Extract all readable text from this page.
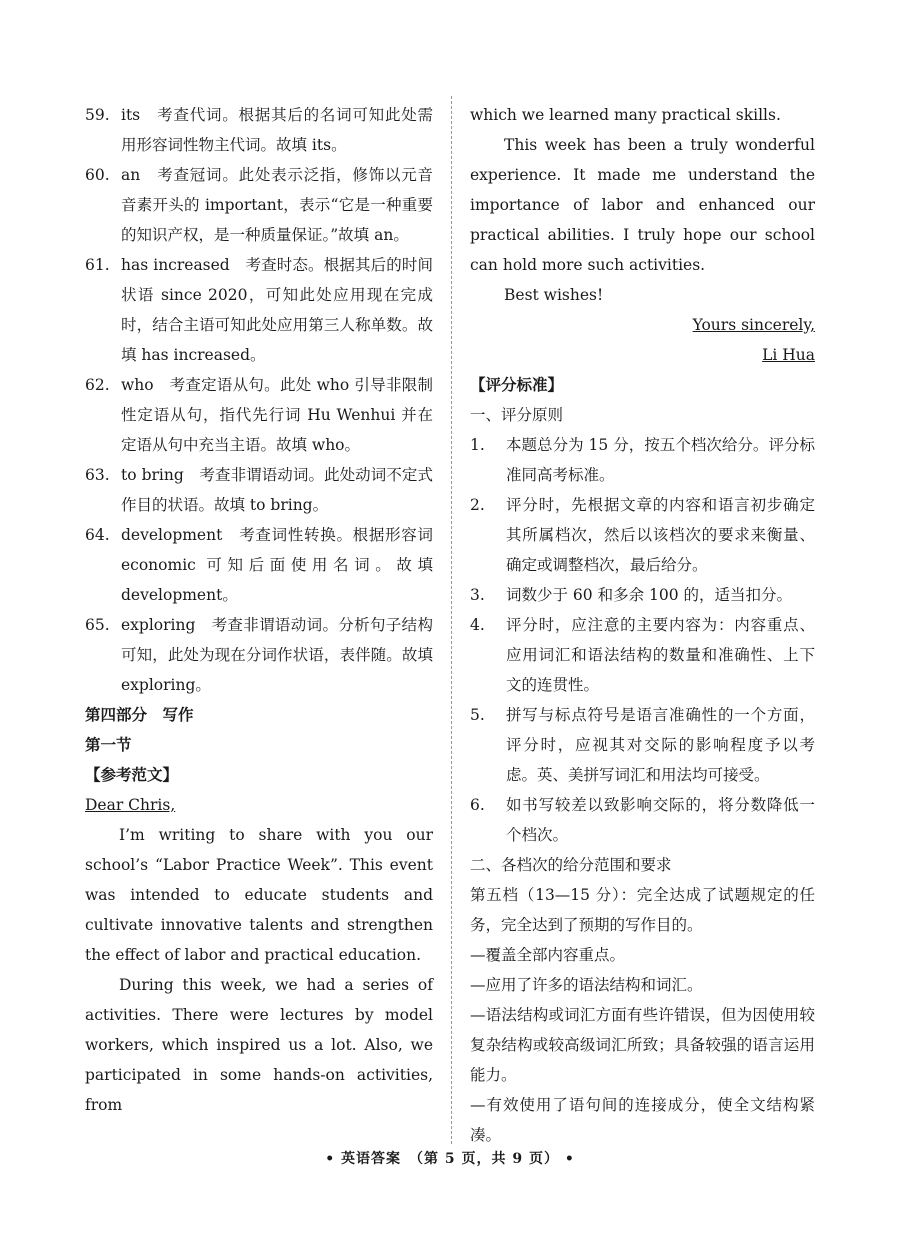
59. its　考查代词。根据其后的名词可知此处需用形容词性物主代词。故填 its。
60. an　考查冠词。此处表示泛指，修饰以元音音素开头的 important，表示“它是一种重要的知识产权，是一种质量保证。”故填 an。
61. has increased　考查时态。根据其后的时间状语 since 2020，可知此处应用现在完成时，结合主语可知此处应用第三人称单数。故填 has increased。
62. who　考查定语从句。此处 who 引导非限制性定语从句，指代先行词 Hu Wenhui 并在定语从句中充当主语。故填 who。
63. to bring　考查非谓语动词。此处动词不定式作目的状语。故填 to bring。
64. development　考查词性转换。根据形容词 economic 可知后面使用名词。故填 development。
65. exploring　考查非谓语动词。分析句子结构可知，此处为现在分词作状语，表伴随。故填 exploring。

第四部分　写作

第一节

【参考范文】

Dear Chris,

I’m writing to share with you our school’s “Labor Practice Week”. This event was intended to educate students and cultivate innovative talents and strengthen the effect of labor and practical education.

During this week, we had a series of activities. There were lectures by model workers, which inspired us a lot. Also, we participated in some hands-on activities, from

which we learned many practical skills.

This week has been a truly wonderful experience. It made me understand the importance of labor and enhanced our practical abilities. I truly hope our school can hold more such activities.

Best wishes!

Yours sincerely,
Li Hua

【评分标准】

一、评分原则

1.	本题总分为 15 分，按五个档次给分。评分标准同高考标准。
2.	评分时，先根据文章的内容和语言初步确定其所属档次，然后以该档次的要求来衡量、确定或调整档次，最后给分。
3.	词数少于 60 和多余 100 的，适当扣分。
4.	评分时，应注意的主要内容为：内容重点、应用词汇和语法结构的数量和准确性、上下文的连贯性。
5.	拼写与标点符号是语言准确性的一个方面，评分时，应视其对交际的影响程度予以考虑。英、美拼写词汇和用法均可接受。
6.	如书写较差以致影响交际的，将分数降低一个档次。

二、各档次的给分范围和要求

第五档（13—15 分）：完全达成了试题规定的任务，完全达到了预期的写作目的。

—覆盖全部内容重点。

—应用了许多的语法结构和词汇。

—语法结构或词汇方面有些许错误，但为因使用较复杂结构或较高级词汇所致；具备较强的语言运用能力。

—有效使用了语句间的连接成分，使全文结构紧凑。

• 英语答案　（第 5 页，共 9 页） •
